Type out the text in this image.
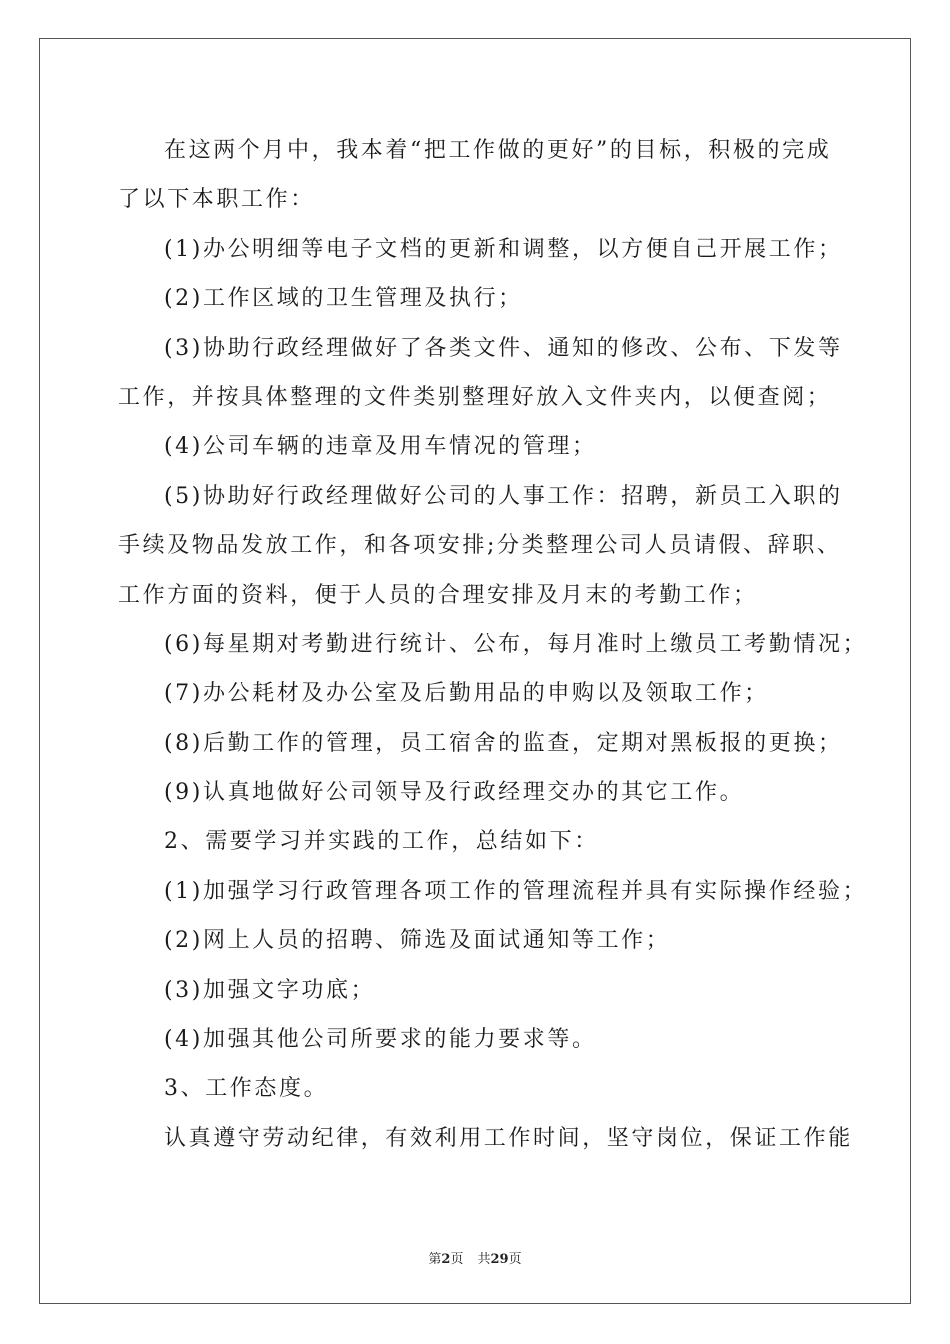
在这两个月中，我本着“把工作做的更好”的目标，积极的完成
了以下本职工作：
(1)办公明细等电子文档的更新和调整，以方便自己开展工作；
(2)工作区域的卫生管理及执行；
(3)协助行政经理做好了各类文件、通知的修改、公布、下发等
工作，并按具体整理的文件类别整理好放入文件夹内，以便查阅；
(4)公司车辆的违章及用车情况的管理；
(5)协助好行政经理做好公司的人事工作：招聘，新员工入职的
手续及物品发放工作，和各项安排;分类整理公司人员请假、辞职、
工作方面的资料，便于人员的合理安排及月末的考勤工作；
(6)每星期对考勤进行统计、公布，每月准时上缴员工考勤情况；
(7)办公耗材及办公室及后勤用品的申购以及领取工作；
(8)后勤工作的管理，员工宿舍的监查，定期对黑板报的更换；
(9)认真地做好公司领导及行政经理交办的其它工作。
2、需要学习并实践的工作，总结如下：
(1)加强学习行政管理各项工作的管理流程并具有实际操作经验；
(2)网上人员的招聘、筛选及面试通知等工作；
(3)加强文字功底；
(4)加强其他公司所要求的能力要求等。
3、工作态度。
认真遵守劳动纪律，有效利用工作时间，坚守岗位，保证工作能
第2页 共29页
